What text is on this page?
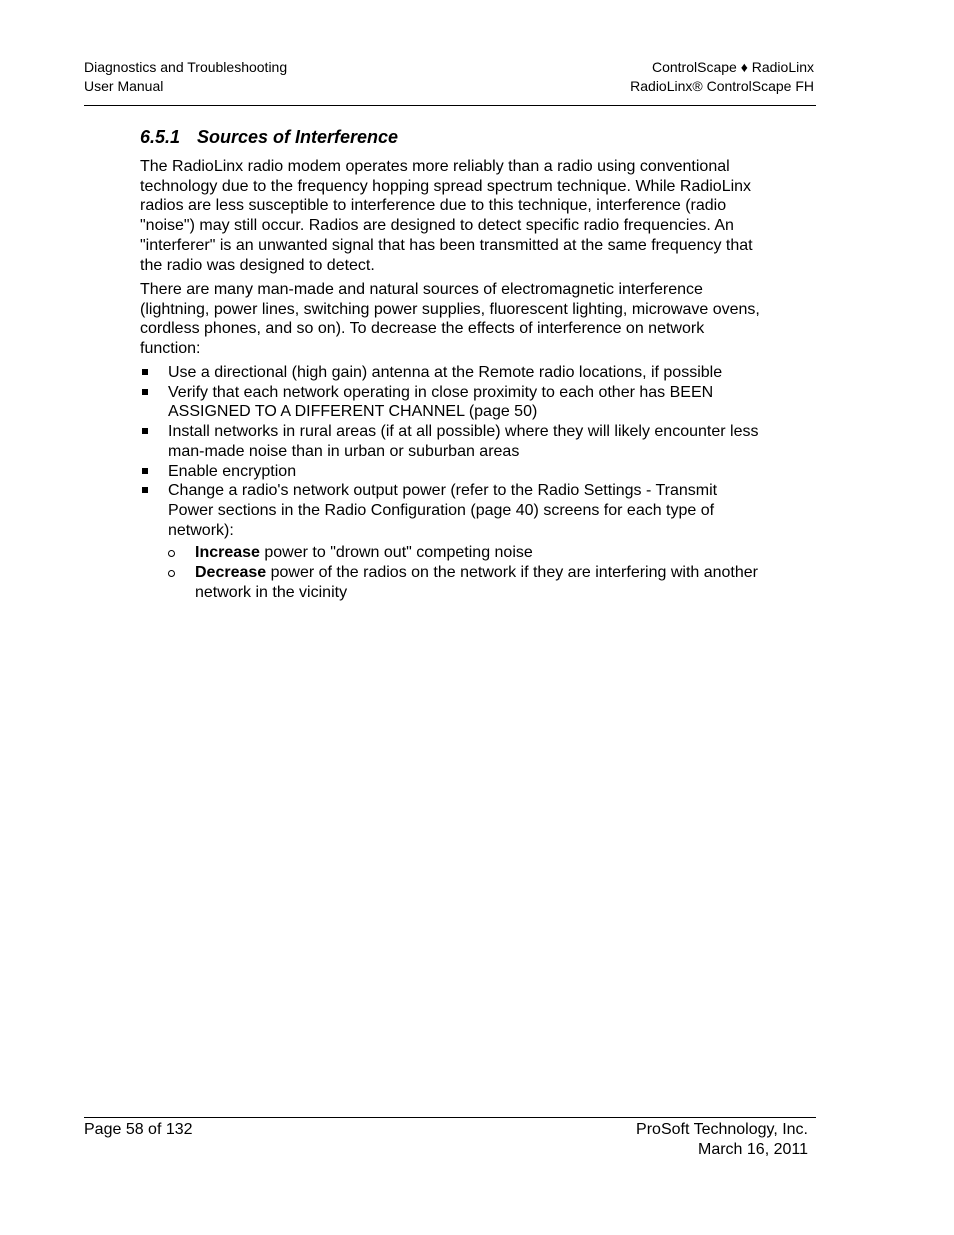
Diagnostics and Troubleshooting
User Manual
ControlScape ♦ RadioLinx
RadioLinx® ControlScape FH
6.5.1 Sources of Interference

The RadioLinx radio modem operates more reliably than a radio using conventional technology due to the frequency hopping spread spectrum technique. While RadioLinx radios are less susceptible to interference due to this technique, interference (radio "noise") may still occur. Radios are designed to detect specific radio frequencies. An "interferer" is an unwanted signal that has been transmitted at the same frequency that the radio was designed to detect.

There are many man-made and natural sources of electromagnetic interference (lightning, power lines, switching power supplies, fluorescent lighting, microwave ovens, cordless phones, and so on). To decrease the effects of interference on network function:

Use a directional (high gain) antenna at the Remote radio locations, if possible
Verify that each network operating in close proximity to each other has BEEN ASSIGNED TO A DIFFERENT CHANNEL (page 50)
Install networks in rural areas (if at all possible) where they will likely encounter less man-made noise than in urban or suburban areas
Enable encryption
Change a radio's network output power (refer to the Radio Settings - Transmit Power sections in the Radio Configuration (page 40) screens for each type of network):
Increase power to "drown out" competing noise
Decrease power of the radios on the network if they are interfering with another network in the vicinity
Page 58 of 132	ProSoft Technology, Inc.
March 16, 2011
